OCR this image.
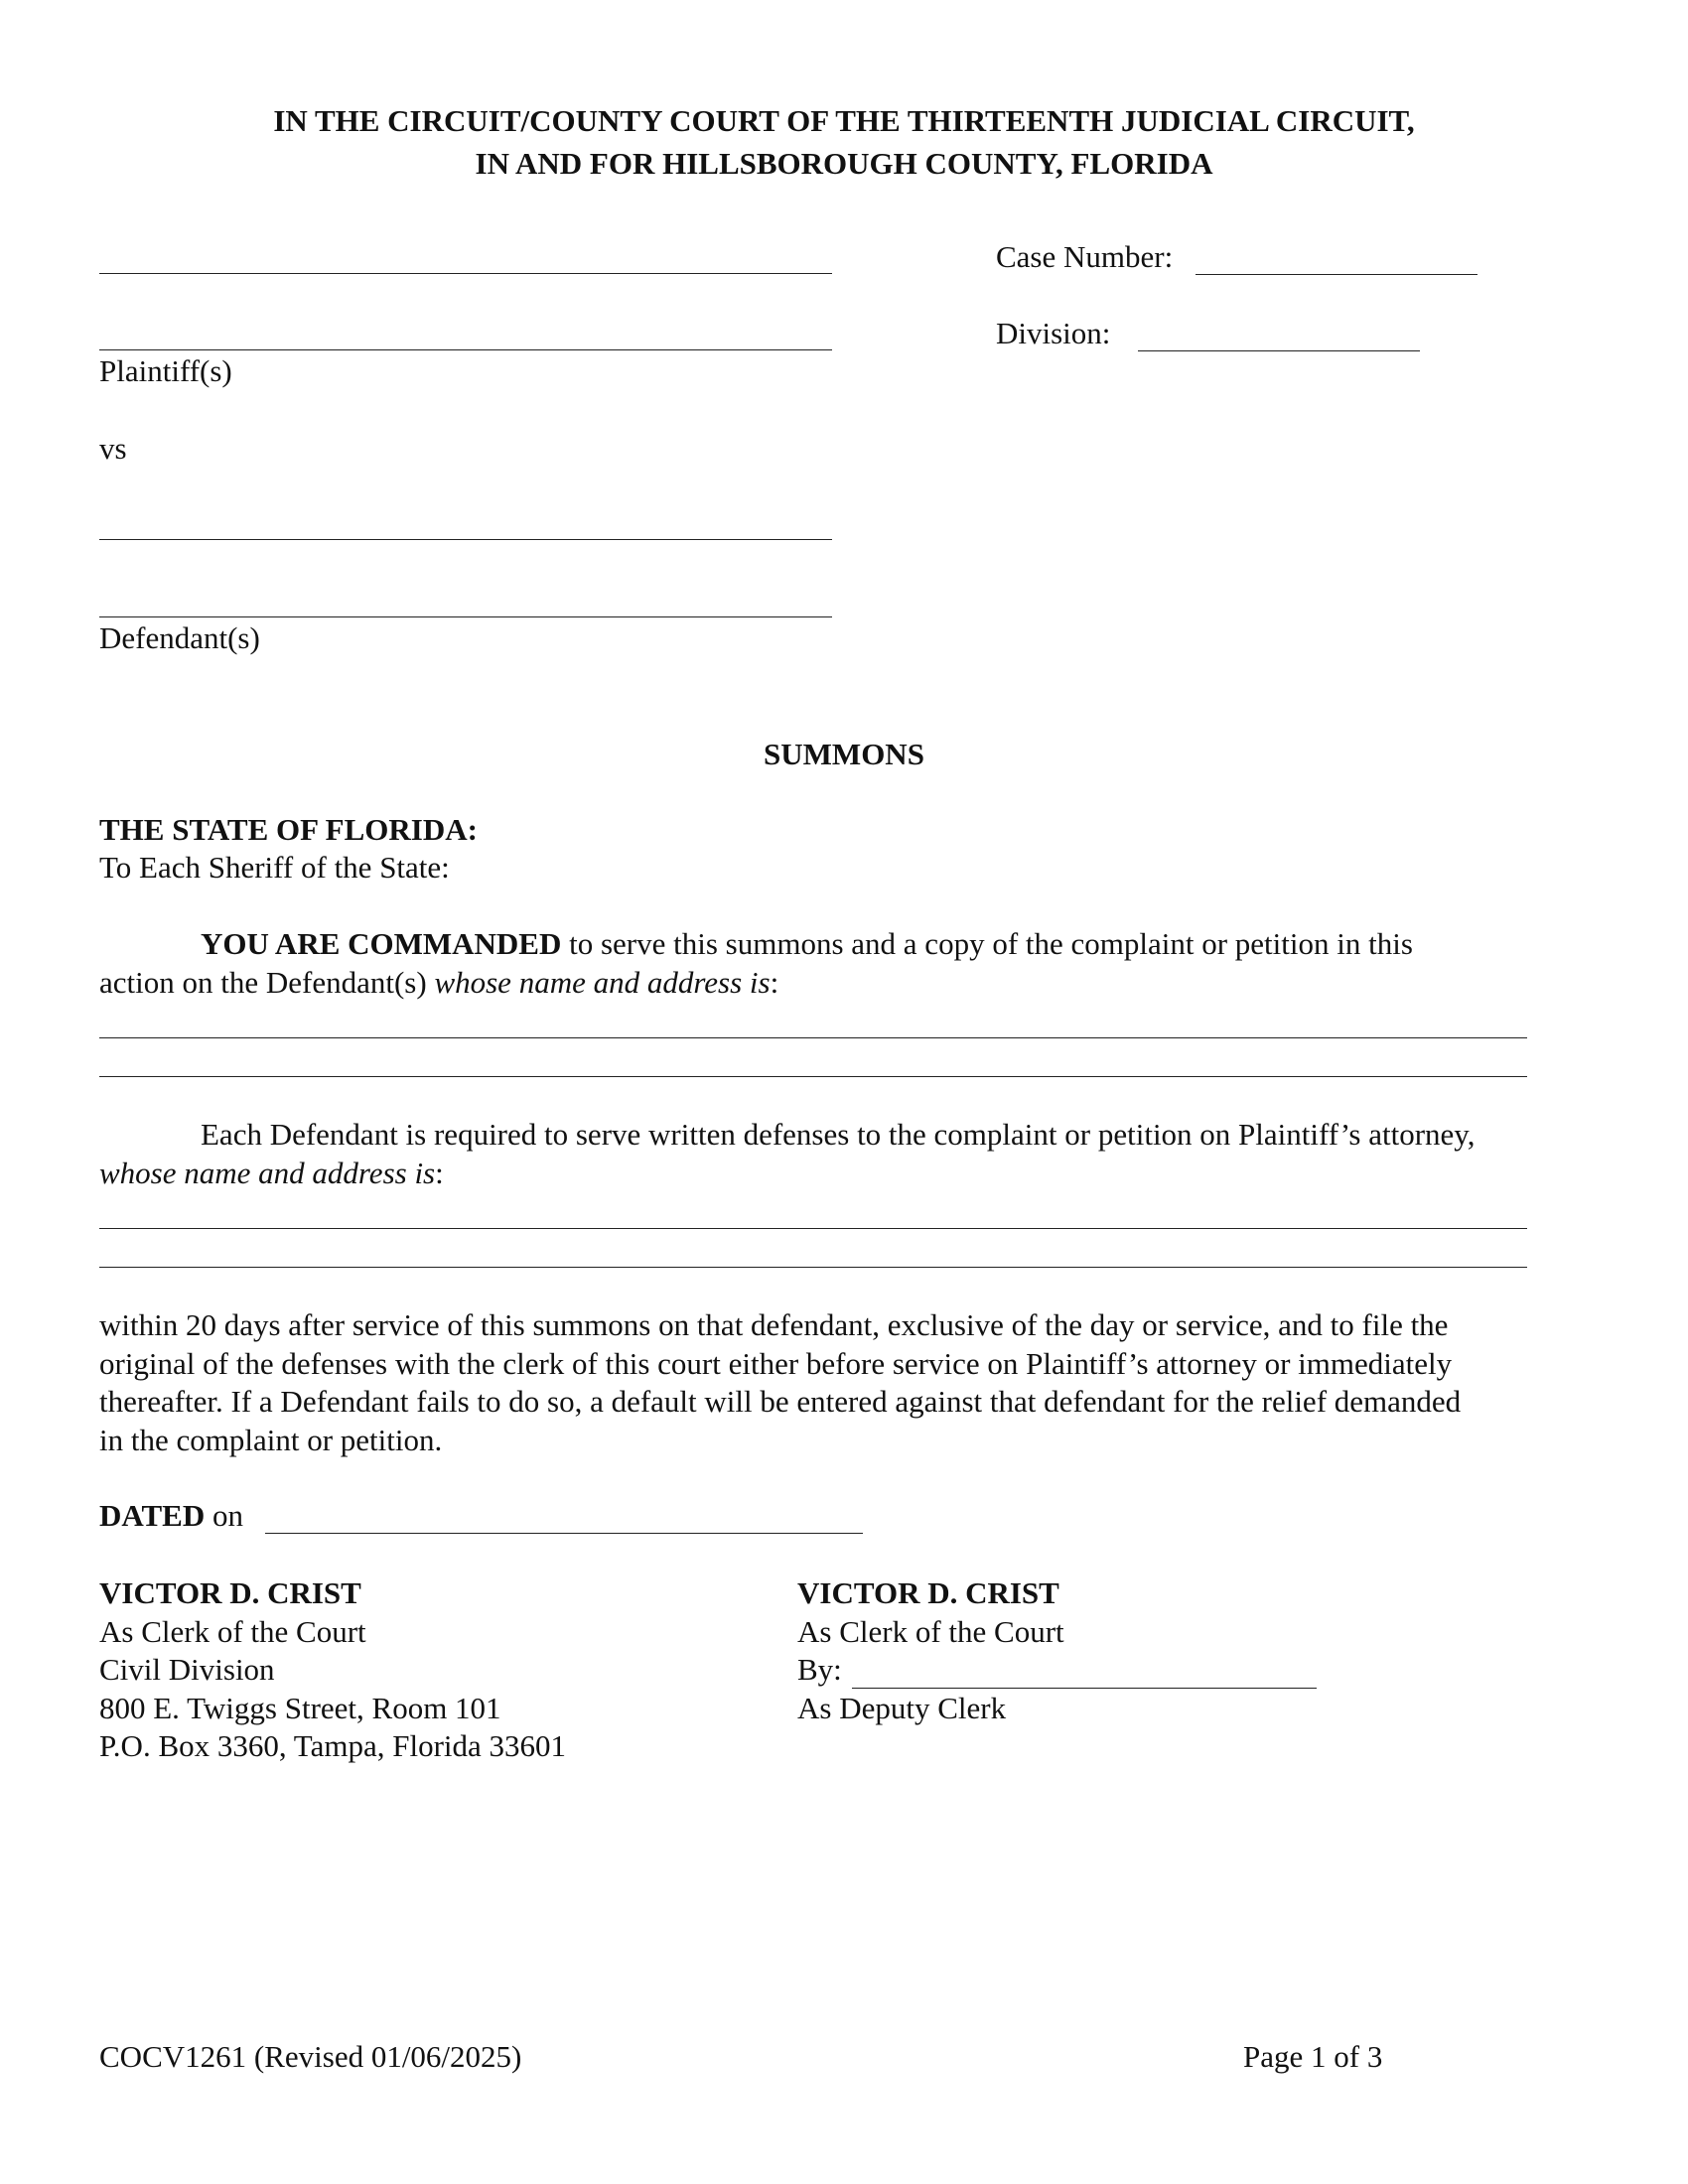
IN THE CIRCUIT/COUNTY COURT OF THE THIRTEENTH JUDICIAL CIRCUIT,
IN AND FOR HILLSBOROUGH COUNTY, FLORIDA
Plaintiff(s)
vs
Defendant(s)
Case Number:
Division:
SUMMONS
THE STATE OF FLORIDA:
To Each Sheriff of the State:

YOU ARE COMMANDED to serve this summons and a copy of the complaint or petition in this

action on the Defendant(s) whose name and address is:

Each Defendant is required to serve written defenses to the complaint or petition on Plaintiff’s attorney,

whose name and address is:

within 20 days after service of this summons on that defendant, exclusive of the day or service, and to file the
original of the defenses with the clerk of this court either before service on Plaintiff’s attorney or immediately
thereafter. If a Defendant fails to do so, a default will be entered against that defendant for the relief demanded
in the complaint or petition.
DATED on
VICTOR D. CRIST
As Clerk of the Court
Civil Division
800 E. Twiggs Street, Room 101
P.O. Box 3360, Tampa, Florida 33601
VICTOR D. CRIST
As Clerk of the Court
By:
As Deputy Clerk
COCV1261 (Revised 01/06/2025)	Page 1 of 3
